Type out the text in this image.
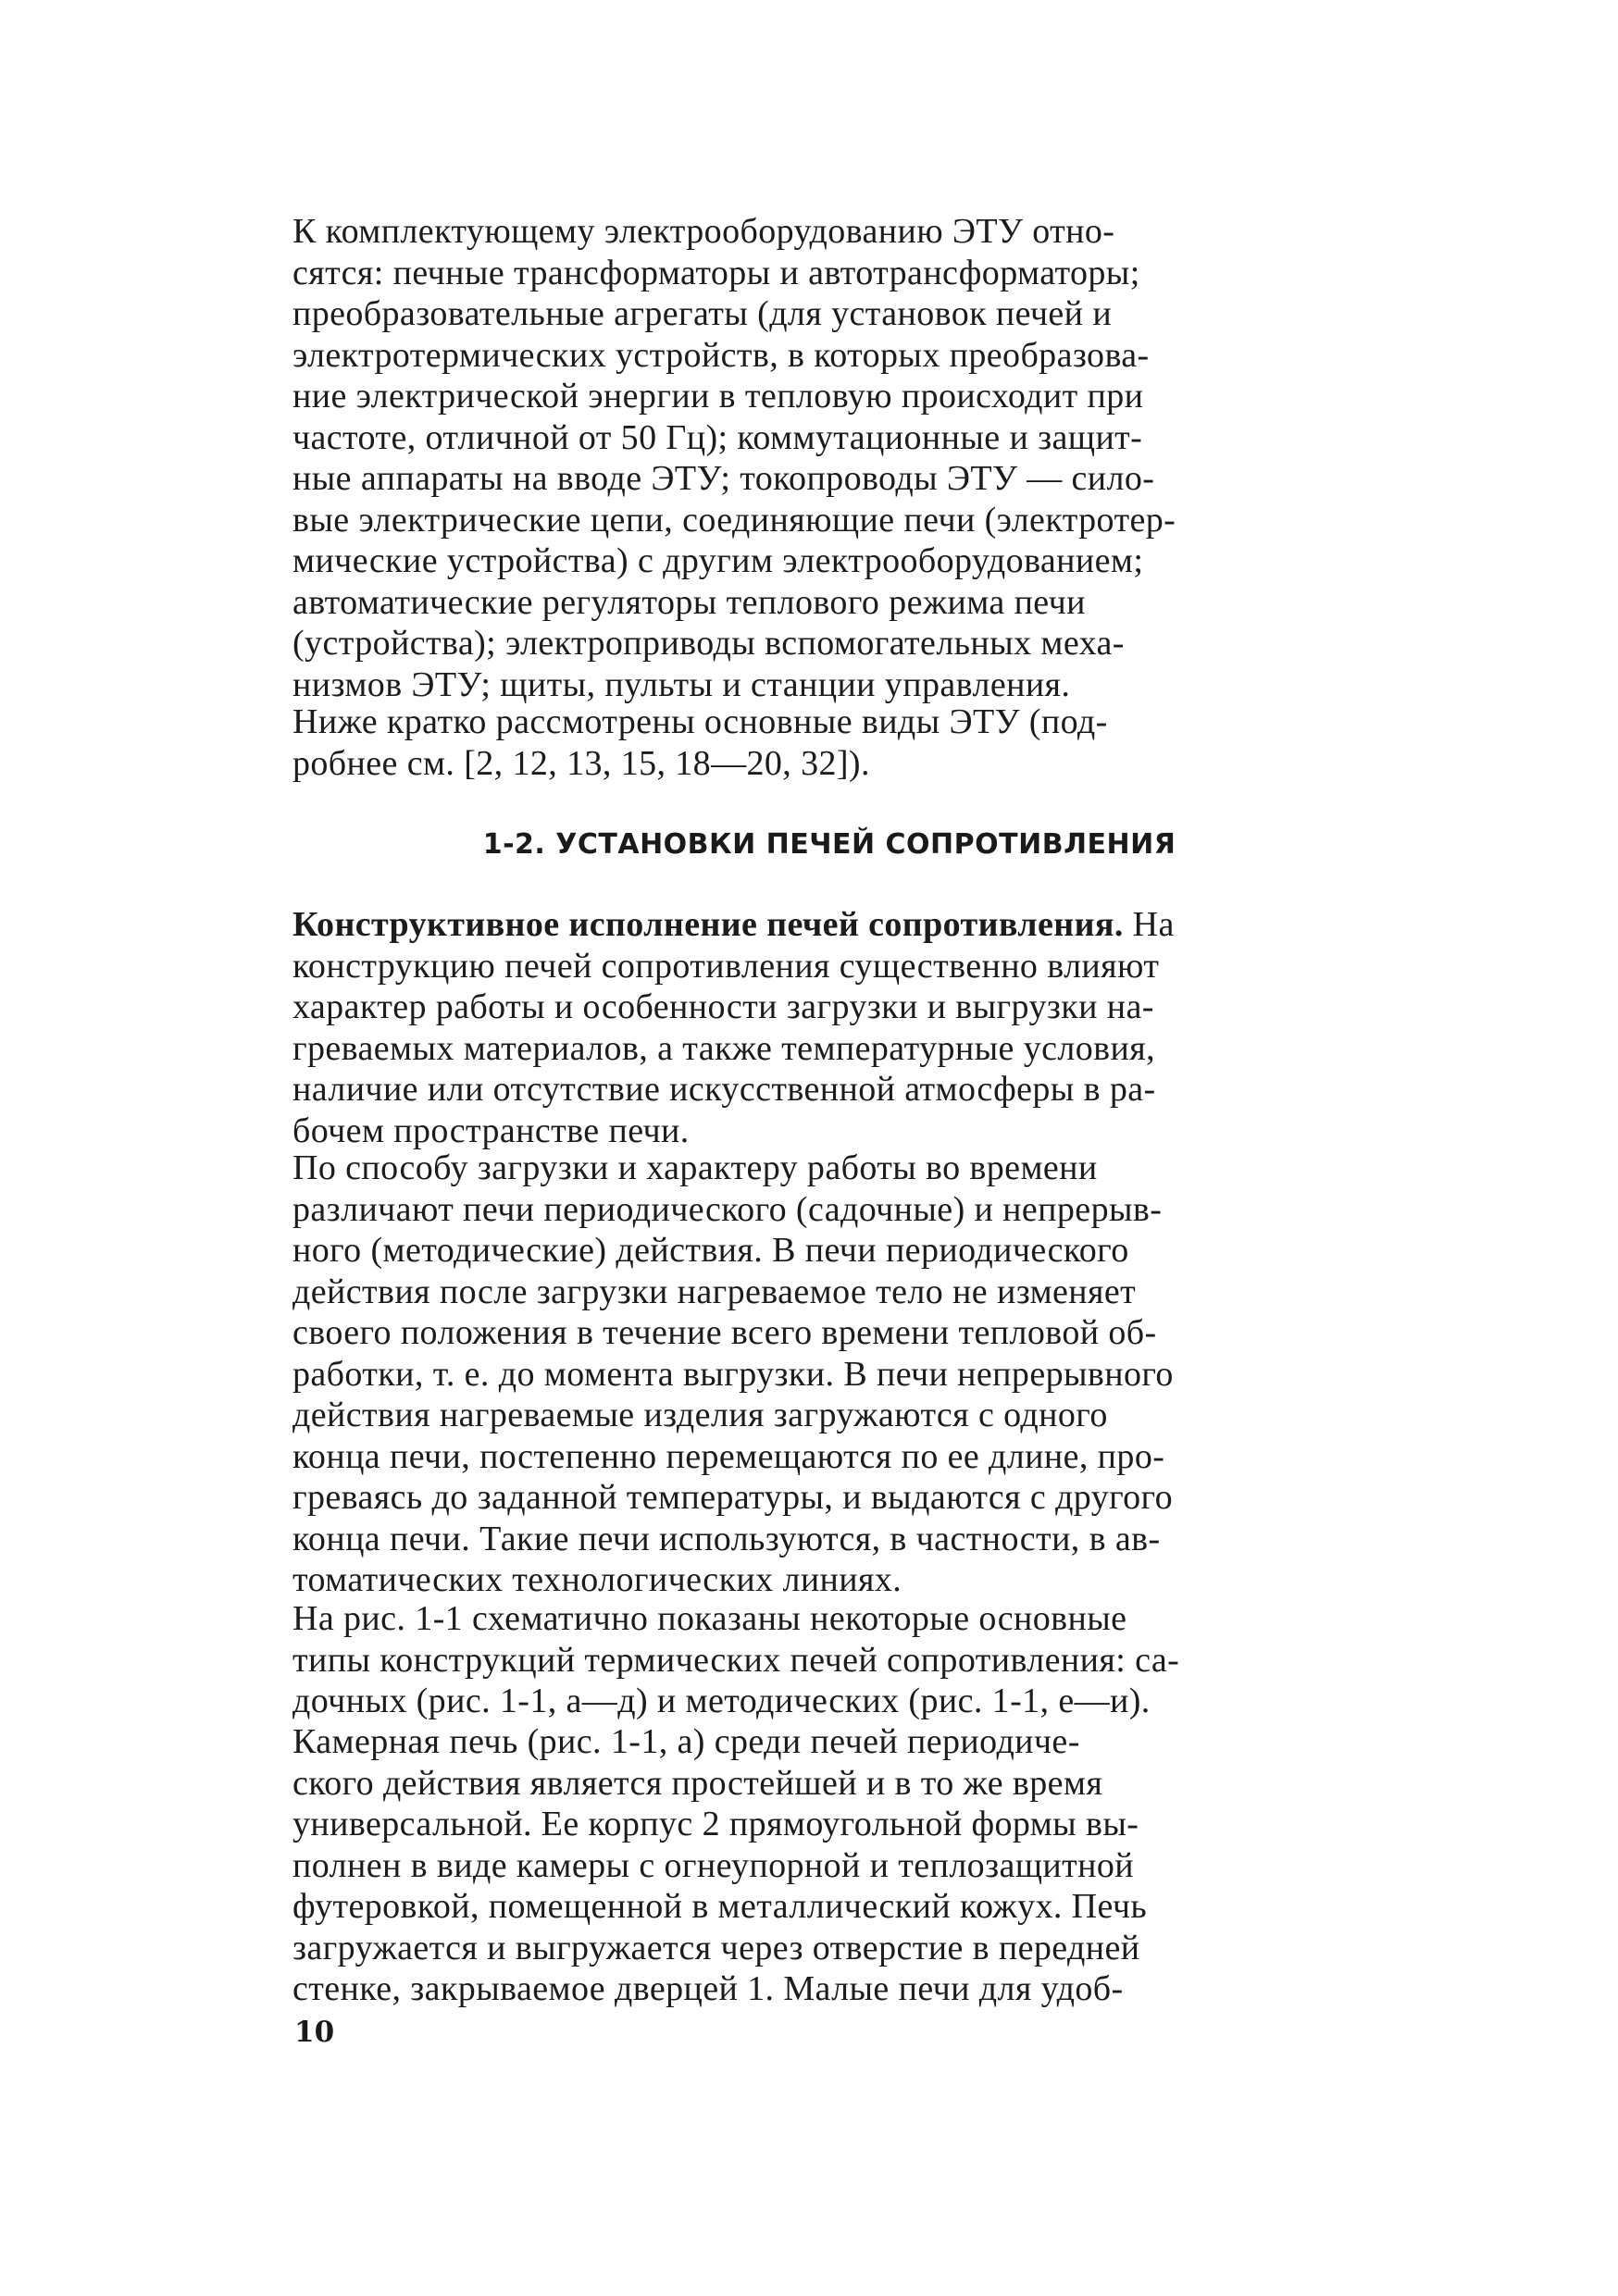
К комплектующему электрооборудованию ЭТУ отно-
сятся: печные трансформаторы и автотрансформаторы;
преобразовательные агрегаты (для установок печей и
электротермических устройств, в которых преобразова-
ние электрической энергии в тепловую происходит при
частоте, отличной от 50 Гц); коммутационные и защит-
ные аппараты на вводе ЭТУ; токопроводы ЭТУ — сило-
вые электрические цепи, соединяющие печи (электротер-
мические устройства) с другим электрооборудованием;
автоматические регуляторы теплового режима печи
(устройства); электроприводы вспомогательных меха-
низмов ЭТУ; щиты, пульты и станции управления.

Ниже кратко рассмотрены основные виды ЭТУ (под-
робнее см. [2, 12, 13, 15, 18—20, 32]).

1-2. УСТАНОВКИ ПЕЧЕЙ СОПРОТИВЛЕНИЯ

Конструктивное исполнение печей сопротивления. На
конструкцию печей сопротивления существенно влияют
характер работы и особенности загрузки и выгрузки на-
греваемых материалов, а также температурные условия,
наличие или отсутствие искусственной атмосферы в ра-
бочем пространстве печи.

По способу загрузки и характеру работы во времени
различают печи периодического (садочные) и непрерыв-
ного (методические) действия. В печи периодического
действия после загрузки нагреваемое тело не изменяет
своего положения в течение всего времени тепловой об-
работки, т. е. до момента выгрузки. В печи непрерывного
действия нагреваемые изделия загружаются с одного
конца печи, постепенно перемещаются по ее длине, про-
греваясь до заданной температуры, и выдаются с другого
конца печи. Такие печи используются, в частности, в ав-
томатических технологических линиях.

На рис. 1-1 схематично показаны некоторые основные
типы конструкций термических печей сопротивления: са-
дочных (рис. 1-1, а—д) и методических (рис. 1-1, е—и).

Камерная печь (рис. 1-1, а) среди печей периодиче-
ского действия является простейшей и в то же время
универсальной. Ее корпус 2 прямоугольной формы вы-
полнен в виде камеры с огнеупорной и теплозащитной
футеровкой, помещенной в металлический кожух. Печь
загружается и выгружается через отверстие в передней
стенке, закрываемое дверцей 1. Малые печи для удоб-

10
